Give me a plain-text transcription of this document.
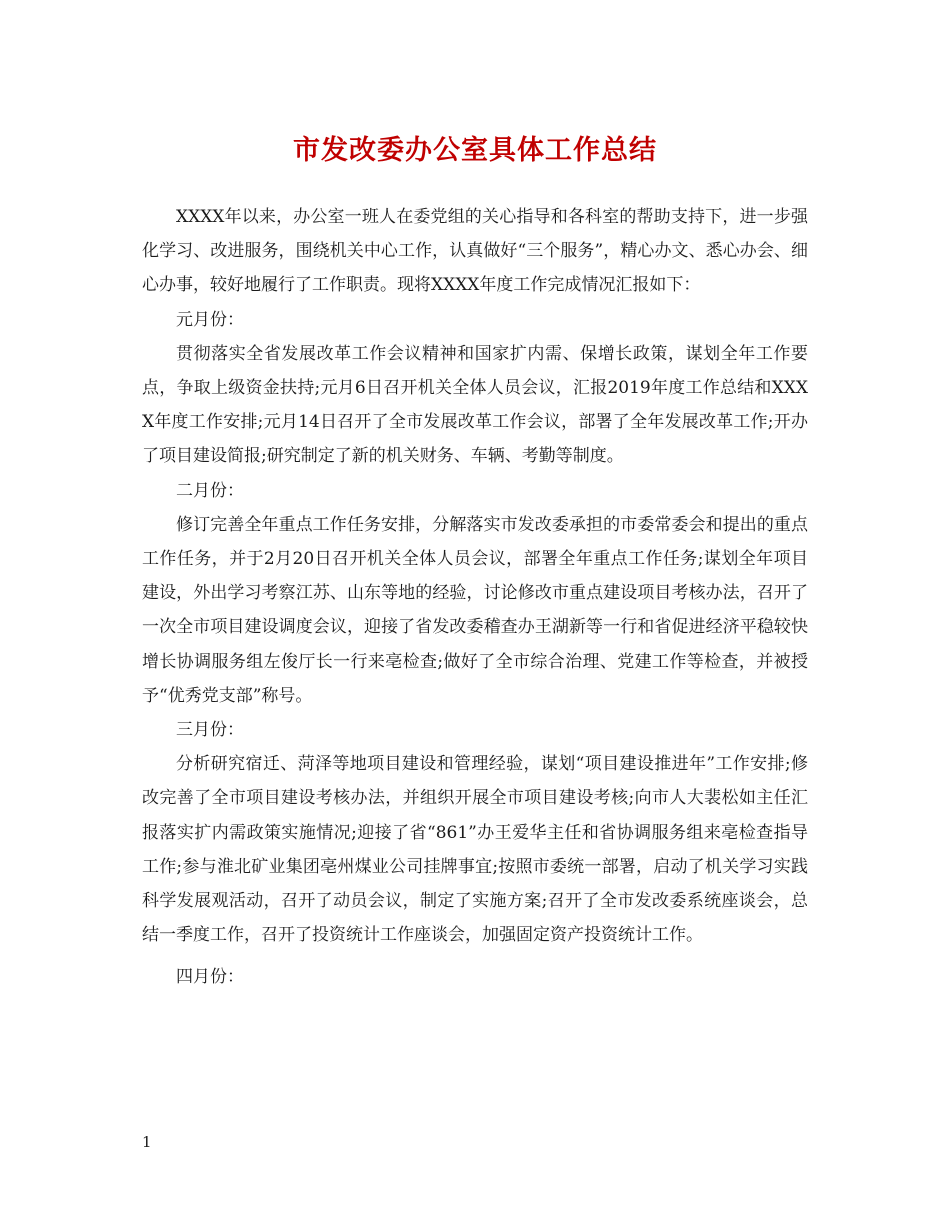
市发改委办公室具体工作总结

XXXX年以来，办公室一班人在委党组的关心指导和各科室的帮助支持下，进一步强化学习、改进服务，围绕机关中心工作，认真做好“三个服务”，精心办文、悉心办会、细心办事，较好地履行了工作职责。现将XXXX年度工作完成情况汇报如下：

元月份：

贯彻落实全省发展改革工作会议精神和国家扩内需、保增长政策，谋划全年工作要点，争取上级资金扶持;元月6日召开机关全体人员会议，汇报2019年度工作总结和XXXX年度工作安排;元月14日召开了全市发展改革工作会议，部署了全年发展改革工作;开办了项目建设简报;研究制定了新的机关财务、车辆、考勤等制度。

二月份：

修订完善全年重点工作任务安排，分解落实市发改委承担的市委常委会和提出的重点工作任务，并于2月20日召开机关全体人员会议，部署全年重点工作任务;谋划全年项目建设，外出学习考察江苏、山东等地的经验，讨论修改市重点建设项目考核办法，召开了一次全市项目建设调度会议，迎接了省发改委稽查办王湖新等一行和省促进经济平稳较快增长协调服务组左俊厅长一行来亳检查;做好了全市综合治理、党建工作等检查，并被授予“优秀党支部”称号。

三月份：

分析研究宿迁、菏泽等地项目建设和管理经验，谋划“项目建设推进年”工作安排;修改完善了全市项目建设考核办法，并组织开展全市项目建设考核;向市人大裴松如主任汇报落实扩内需政策实施情况;迎接了省“861”办王爱华主任和省协调服务组来亳检查指导工作;参与淮北矿业集团亳州煤业公司挂牌事宜;按照市委统一部署，启动了机关学习实践科学发展观活动，召开了动员会议，制定了实施方案;召开了全市发改委系统座谈会，总结一季度工作，召开了投资统计工作座谈会，加强固定资产投资统计工作。

四月份：

1
